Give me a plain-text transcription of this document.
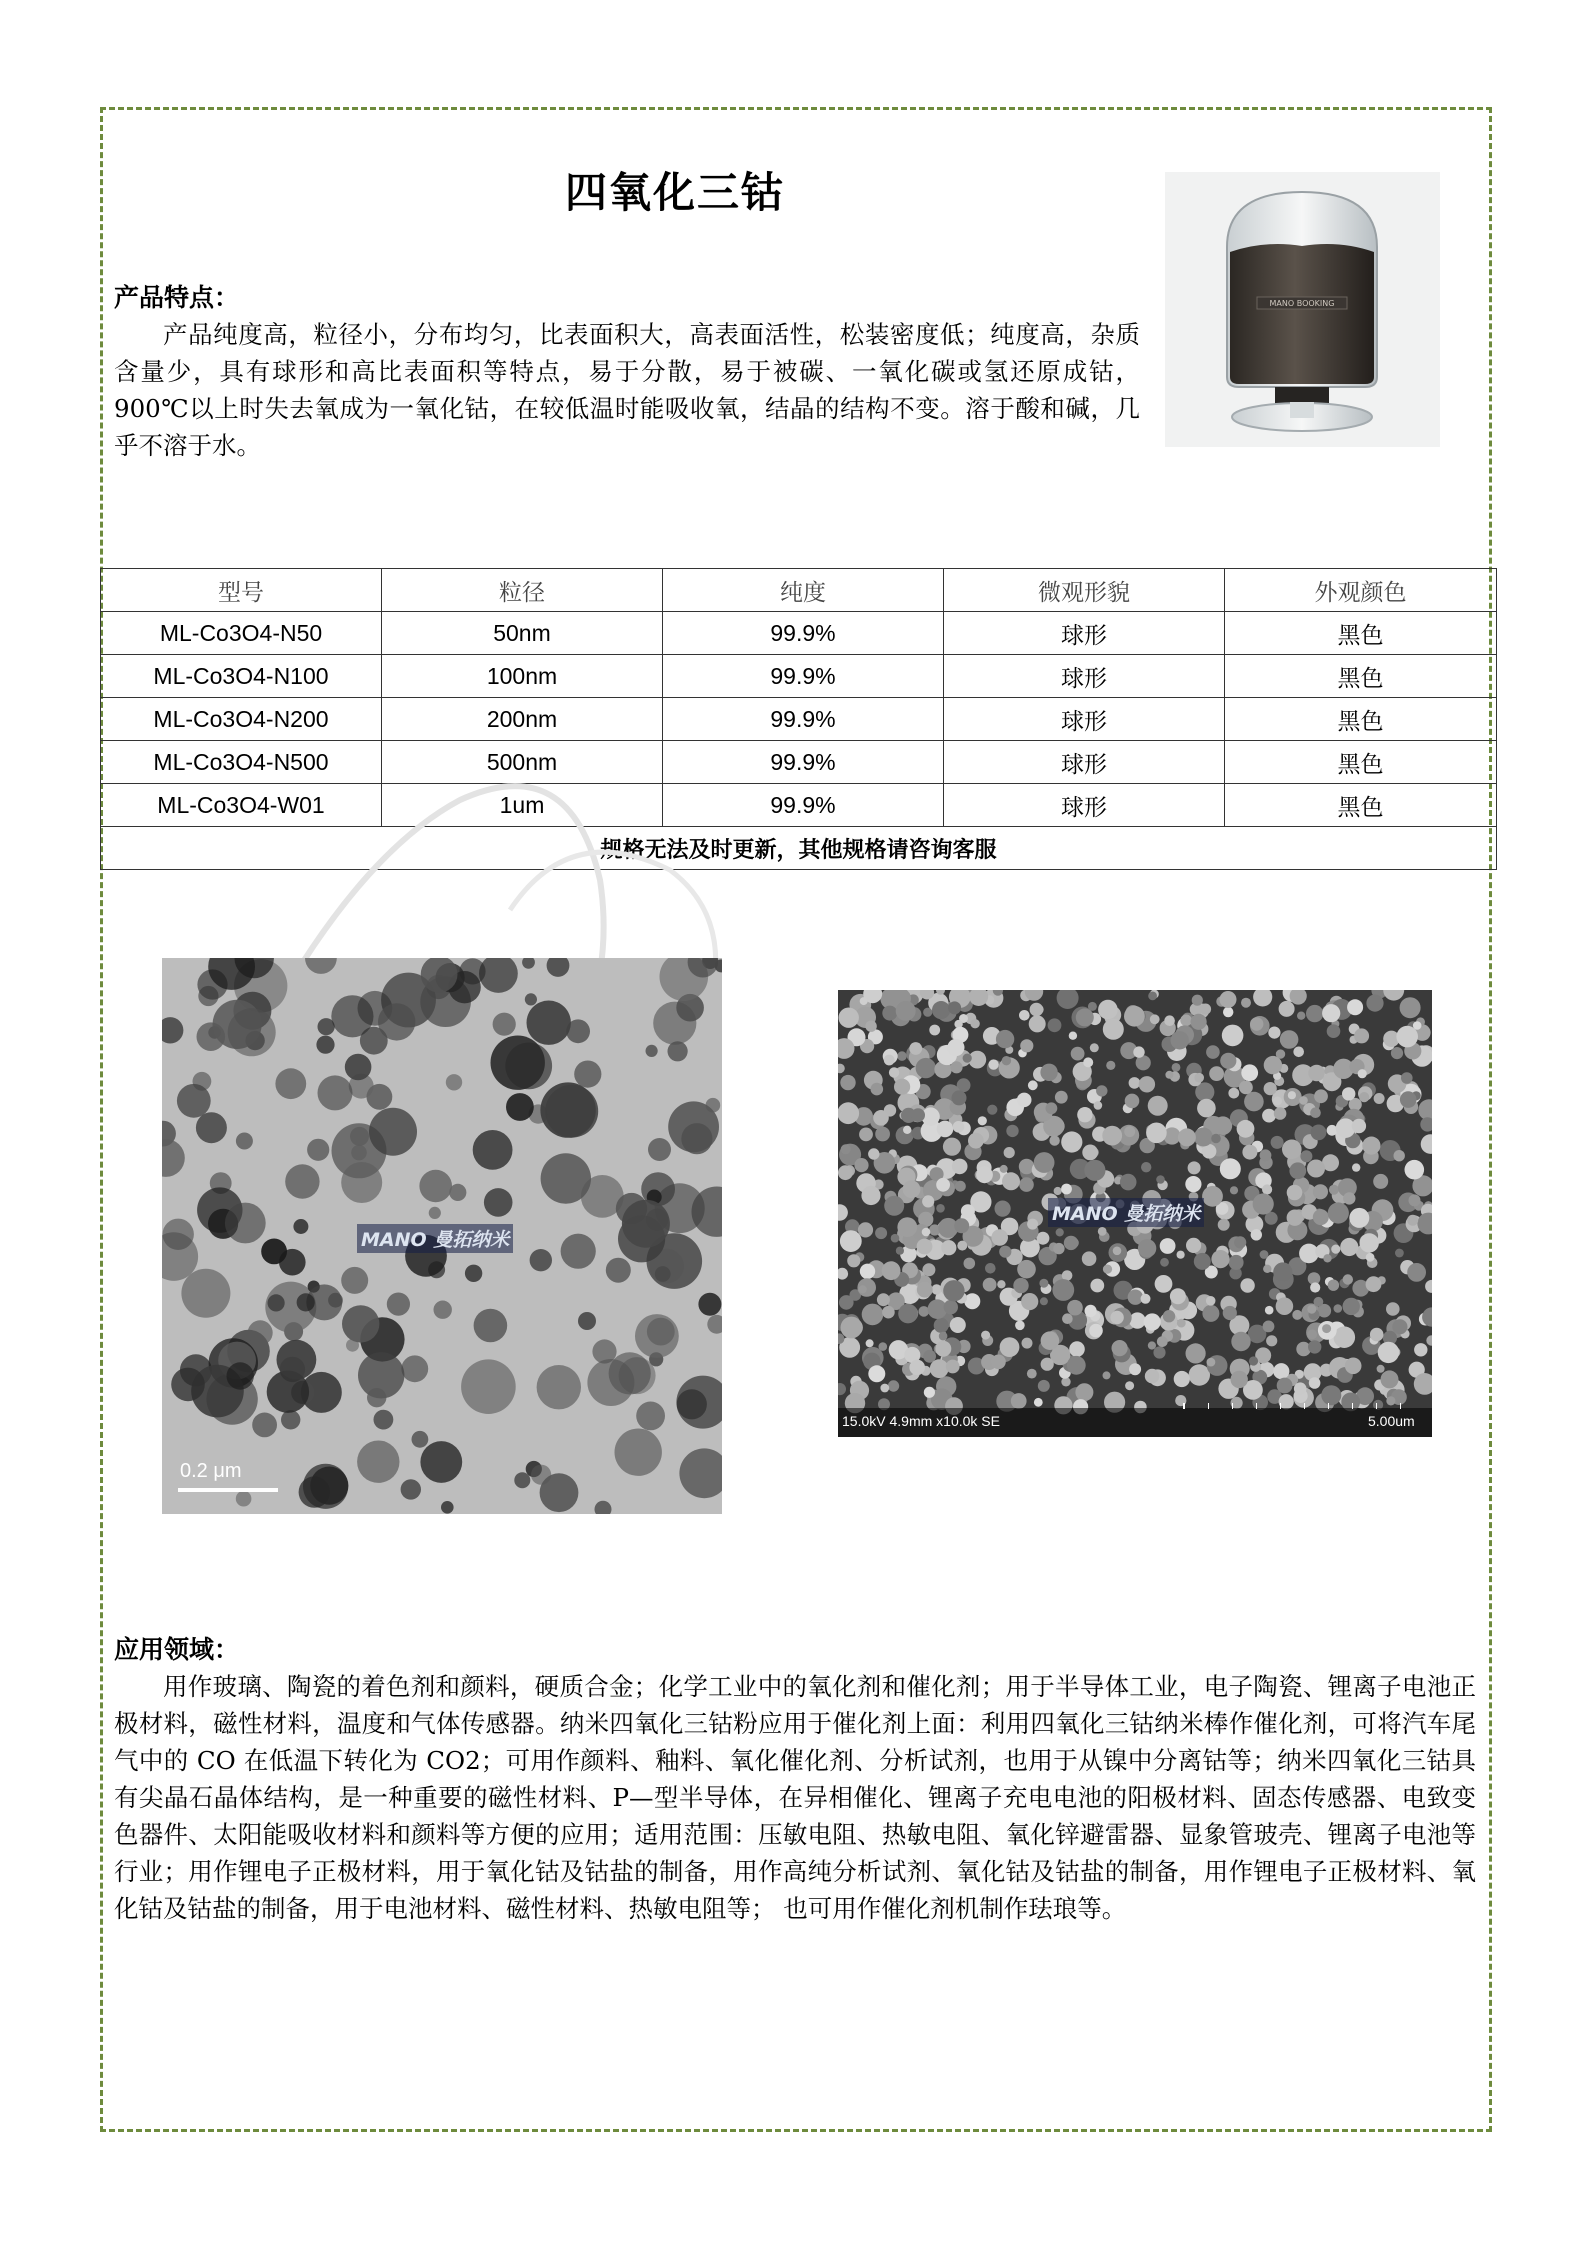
四氧化三钴
MANO BOOKING
产品特点：
产品纯度高，粒径小，分布均匀，比表面积大，高表面活性，松装密度低；纯度高，杂质含量少，具有球形和高比表面积等特点，易于分散，易于被碳、一氧化碳或氢还原成钴，900℃以上时失去氧成为一氧化钴，在较低温时能吸收氧，结晶的结构不变。溶于酸和碱，几乎不溶于水。
型号	粒径	纯度	微观形貌	外观颜色
ML-Co3O4-N50	50nm	99.9%	球形	黑色
ML-Co3O4-N100	100nm	99.9%	球形	黑色
ML-Co3O4-N200	200nm	99.9%	球形	黑色
ML-Co3O4-N500	500nm	99.9%	球形	黑色
ML-Co3O4-W01	1um	99.9%	球形	黑色
规格无法及时更新，其他规格请咨询客服				
MANO 曼拓纳米
0.2 μm
MANO 曼拓纳米
15.0kV 4.9mm x10.0k SE	5.00um
应用领域：
用作玻璃、陶瓷的着色剂和颜料，硬质合金；化学工业中的氧化剂和催化剂；用于半导体工业，电子陶瓷、锂离子电池正极材料，磁性材料，温度和气体传感器。纳米四氧化三钴粉应用于催化剂上面：利用四氧化三钴纳米棒作催化剂，可将汽车尾气中的 CO 在低温下转化为 CO2；可用作颜料、釉料、氧化催化剂、分析试剂，也用于从镍中分离钴等；纳米四氧化三钴具有尖晶石晶体结构，是一种重要的磁性材料、P—型半导体，在异相催化、锂离子充电电池的阳极材料、固态传感器、电致变色器件、太阳能吸收材料和颜料等方便的应用；适用范围：压敏电阻、热敏电阻、氧化锌避雷器、显象管玻壳、锂离子电池等行业；用作锂电子正极材料，用于氧化钴及钴盐的制备，用作高纯分析试剂、氧化钴及钴盐的制备，用作锂电子正极材料、氧化钴及钴盐的制备，用于电池材料、磁性材料、热敏电阻等； 也可用作催化剂机制作珐琅等。
